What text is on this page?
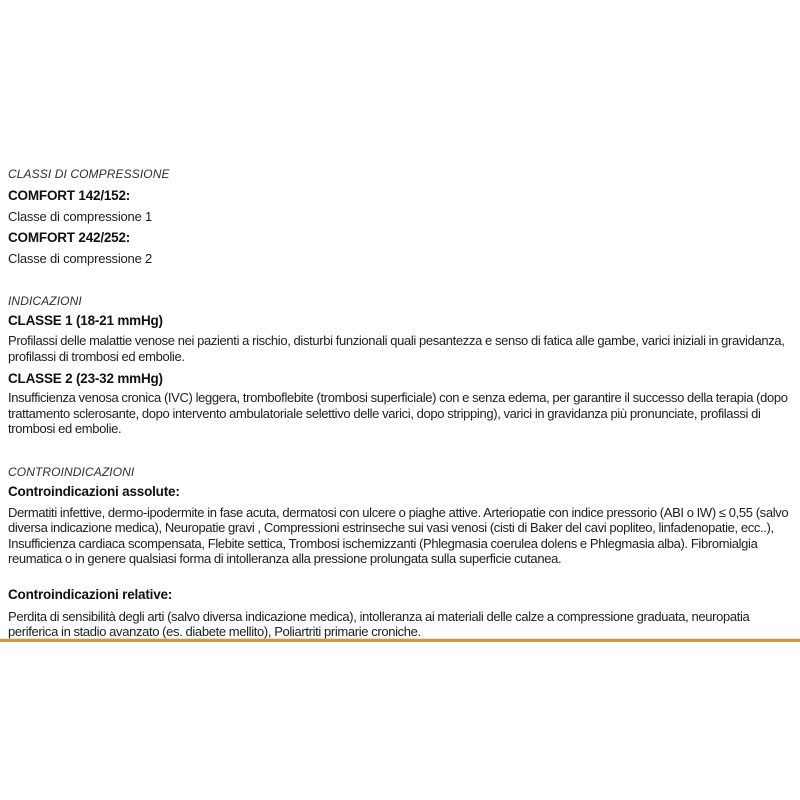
CLASSI DI COMPRESSIONE
COMFORT 142/152:
Classe di compressione 1
COMFORT 242/252:
Classe di compressione 2
INDICAZIONI
CLASSE 1 (18-21 mmHg)
Profilassi delle malattie venose nei pazienti a rischio, disturbi funzionali quali pesantezza e senso di fatica alle gambe, varici iniziali in gravidanza, profilassi di trombosi ed embolie.
CLASSE 2 (23-32 mmHg)
Insufficienza venosa cronica (IVC) leggera, tromboflebite (trombosi superficiale) con e senza edema, per garantire il successo della terapia (dopo trattamento sclerosante, dopo intervento ambulatoriale selettivo delle varici, dopo stripping), varici in gravidanza più pronunciate, profilassi di trombosi ed embolie.
CONTROINDICAZIONI
Controindicazioni assolute:
Dermatiti infettive, dermo-ipodermite in fase acuta, dermatosi con ulcere o piaghe attive. Arteriopatie con indice pressorio (ABI o IW) ≤ 0,55 (salvo diversa indicazione medica), Neuropatie gravi , Compressioni estrinseche sui vasi venosi (cisti di Baker del cavi popliteo, linfadenopatie, ecc..), Insufficienza cardiaca scompensata, Flebite settica, Trombosi ischemizzanti (Phlegmasia coerulea dolens e Phlegmasia alba). Fibromialgia reumatica o in genere qualsiasi forma di intolleranza alla pressione prolungata sulla superficie cutanea.
Controindicazioni relative:
Perdita di sensibilità degli arti (salvo diversa indicazione medica), intolleranza ai materiali delle calze a compressione graduata, neuropatia periferica in stadio avanzato (es. diabete mellito), Poliartriti primarie croniche.
